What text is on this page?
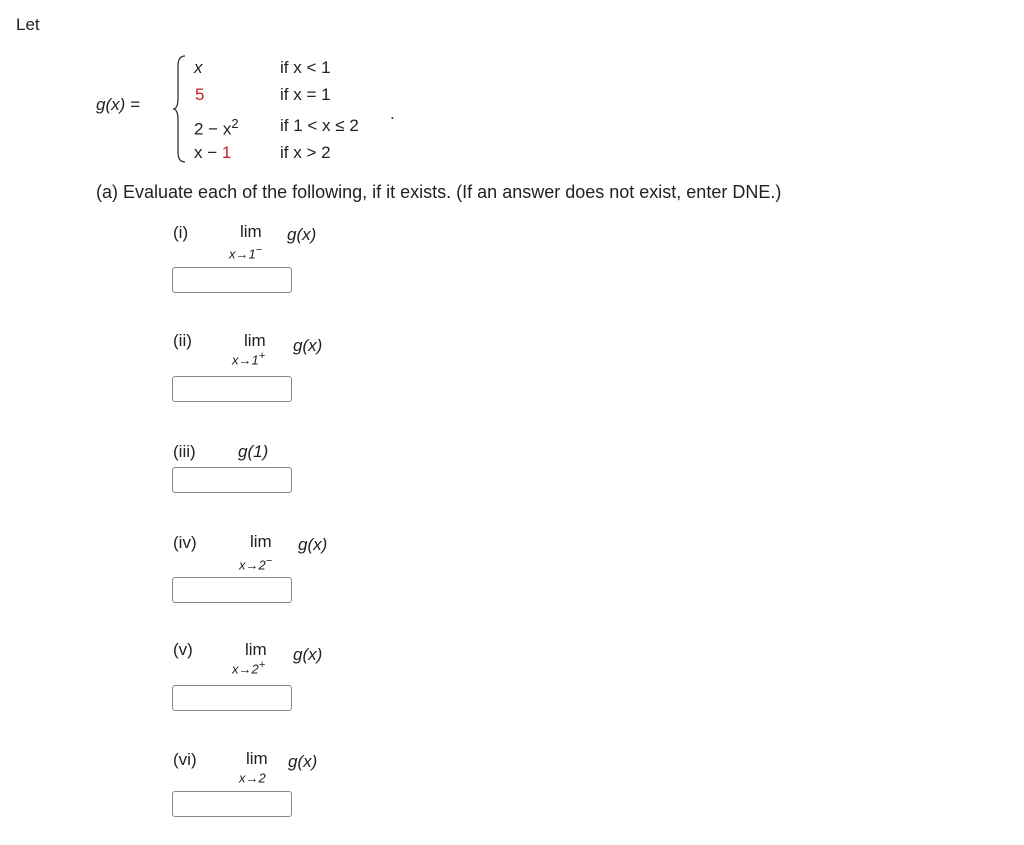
Let
g(x) =
x	if x < 1
5	if x = 1
$2 - x^2$ if 1 < x ≤ 2
.
x − 1	if x > 2
(a) Evaluate each of the following, if it exists. (If an answer does not exist, enter DNE.)
(i)	lim g(x)
x→1−
(ii)	lim g(x)
x→1+
(iii) g(1)
(iv)	lim g(x)
x→2−
(v)	lim g(x)
x→2+
(vi)	lim g(x)
x→2
